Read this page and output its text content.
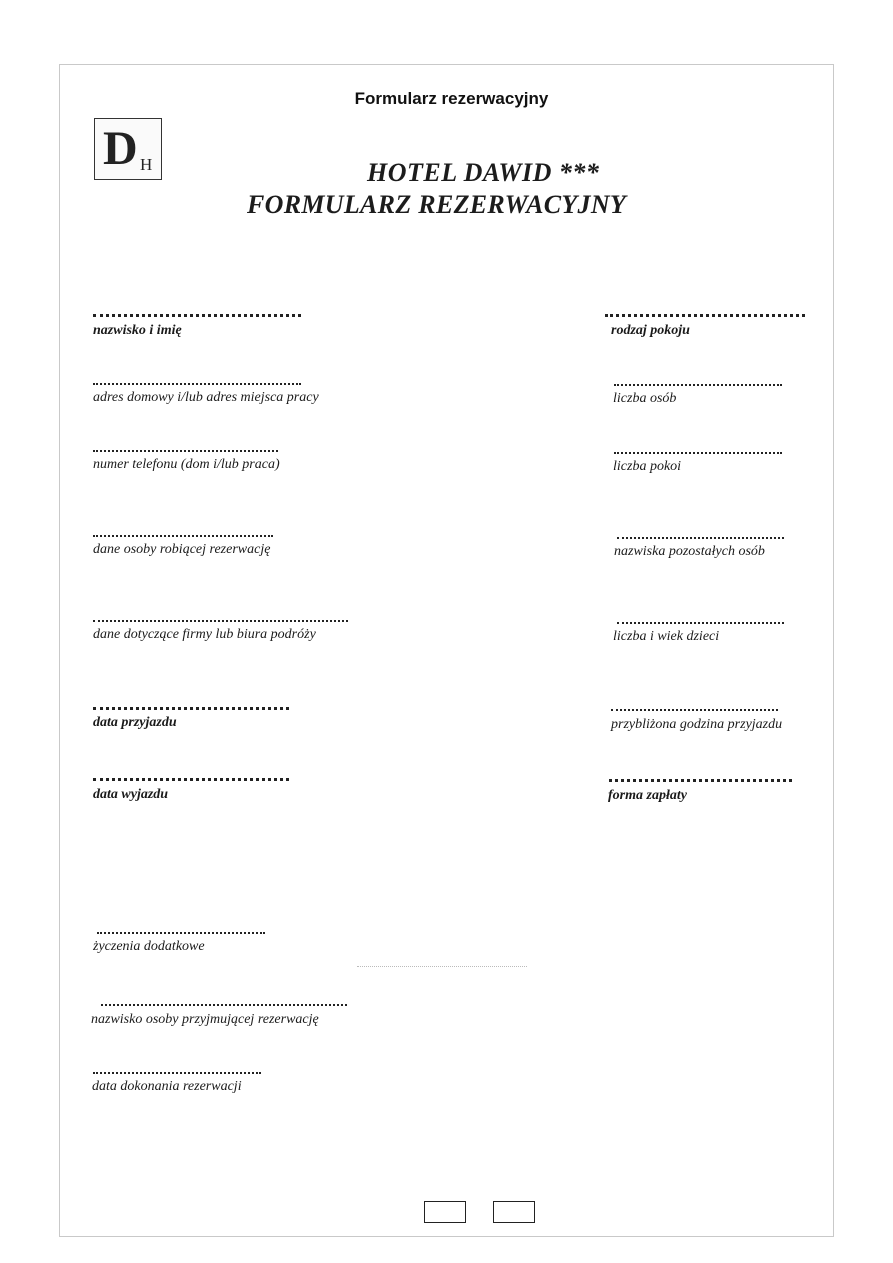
Formularz rezerwacyjny
D H	HOTEL DAWID ***
FORMULARZ REZERWACYJNY
nazwisko i imię
adres domowy i/lub adres miejsca pracy
numer telefonu (dom i/lub praca)
dane osoby robiącej rezerwację
dane dotyczące firmy lub biura podróży
data przyjazdu
data wyjazdu
rodzaj pokoju
liczba osób
liczba pokoi
nazwiska pozostałych osób
liczba i wiek dzieci
przybliżona godzina przyjazdu
forma zapłaty
życzenia dodatkowe
nazwisko osoby przyjmującej rezerwację
data dokonania rezerwacji
